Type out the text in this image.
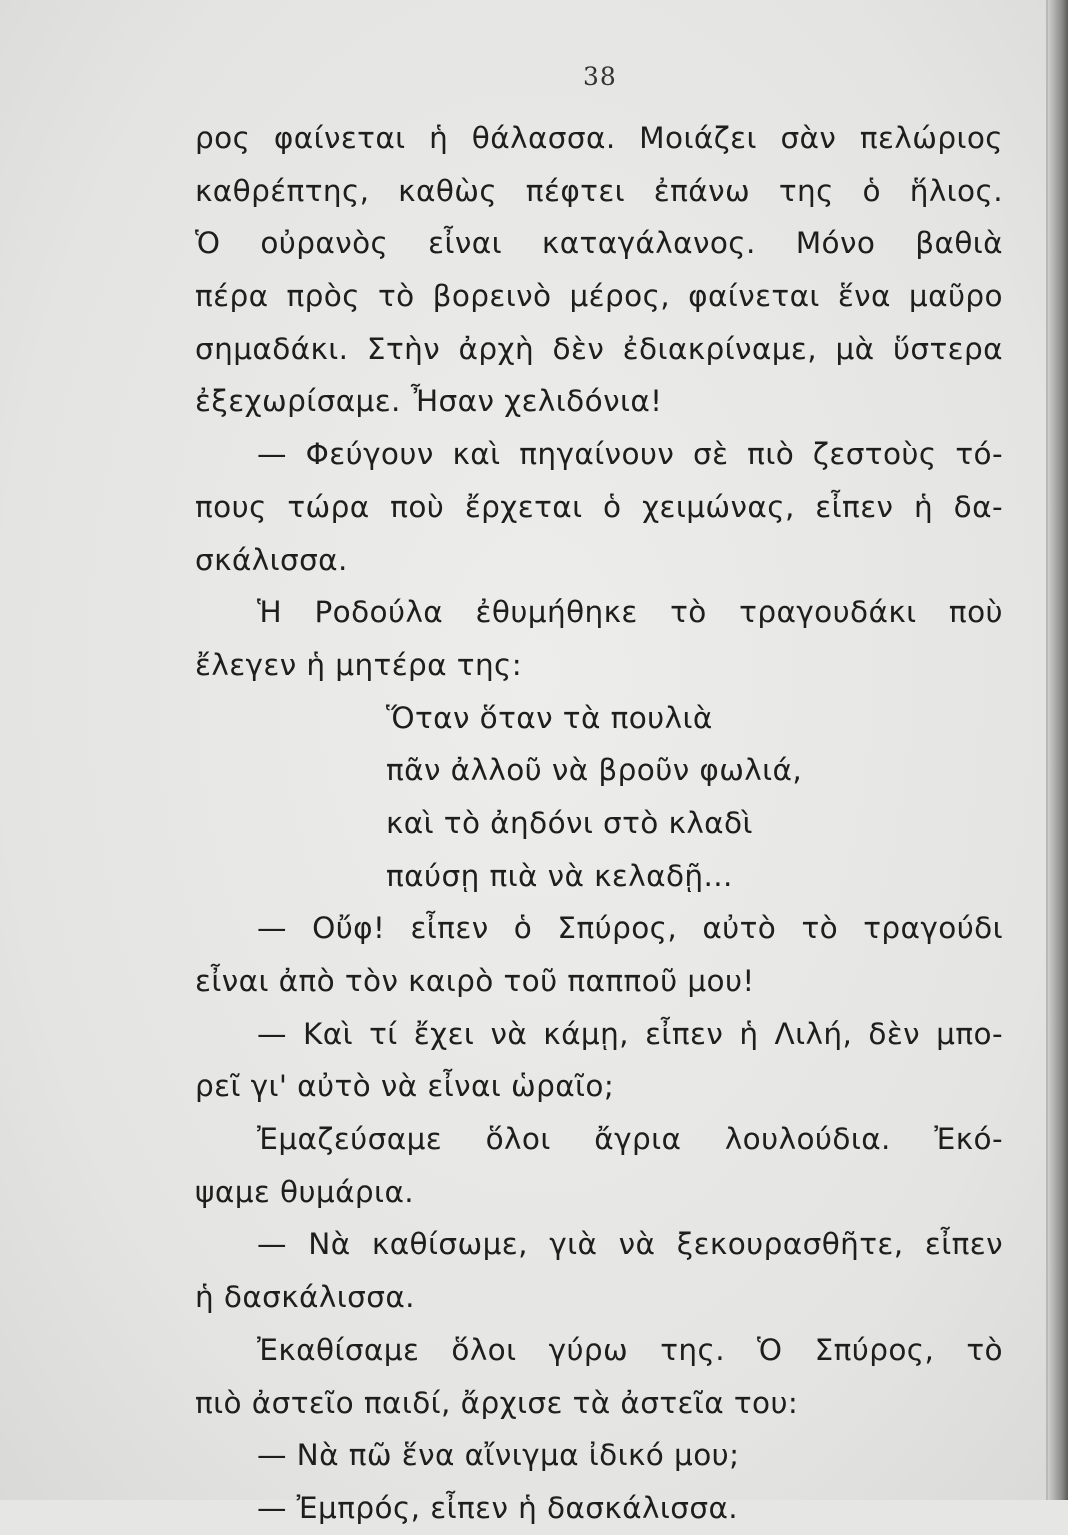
38
ρος φαίνεται ἡ θάλασσα. Μοιάζει σὰν πελώριος
καθρέπτης, καθὼς πέφτει ἐπάνω της ὁ ἥλιος.
Ὁ οὐρανὸς εἶναι καταγάλανος. Μόνο βαθιὰ
πέρα πρὸς τὸ βορεινὸ μέρος, φαίνεται ἕνα μαῦρο
σημαδάκι. Στὴν ἀρχὴ δὲν ἐδιακρίναμε, μὰ ὕστερα
ἐξεχωρίσαμε. Ἦσαν χελιδόνια!
— Φεύγουν καὶ πηγαίνουν σὲ πιὸ ζεστοὺς τό-
πους τώρα ποὺ ἔρχεται ὁ χειμώνας, εἶπεν ἡ δα-
σκάλισσα.
Ἡ Ροδούλα ἐθυμήθηκε τὸ τραγουδάκι ποὺ
ἔλεγεν ἡ μητέρα της:
Ὅταν ὅταν τὰ πουλιὰ
πᾶν ἀλλοῦ νὰ βροῦν φωλιά,
καὶ τὸ ἀηδόνι στὸ κλαδὶ
παύσῃ πιὰ νὰ κελαδῇ...
— Οὔφ! εἶπεν ὁ Σπύρος, αὐτὸ τὸ τραγούδι
εἶναι ἀπὸ τὸν καιρὸ τοῦ παπποῦ μου!
— Καὶ τί ἔχει νὰ κάμῃ, εἶπεν ἡ Λιλή, δὲν μπο-
ρεῖ γι' αὐτὸ νὰ εἶναι ὡραῖο;
Ἐμαζεύσαμε ὅλοι ἄγρια λουλούδια. Ἐκό-
ψαμε θυμάρια.
— Νὰ καθίσωμε, γιὰ νὰ ξεκουρασθῆτε, εἶπεν
ἡ δασκάλισσα.
Ἐκαθίσαμε ὅλοι γύρω της. Ὁ Σπύρος, τὸ
πιὸ ἀστεῖο παιδί, ἄρχισε τὰ ἀστεῖα του:
— Νὰ πῶ ἕνα αἴνιγμα ἰδικό μου;
— Ἐμπρός, εἶπεν ἡ δασκάλισσα.
